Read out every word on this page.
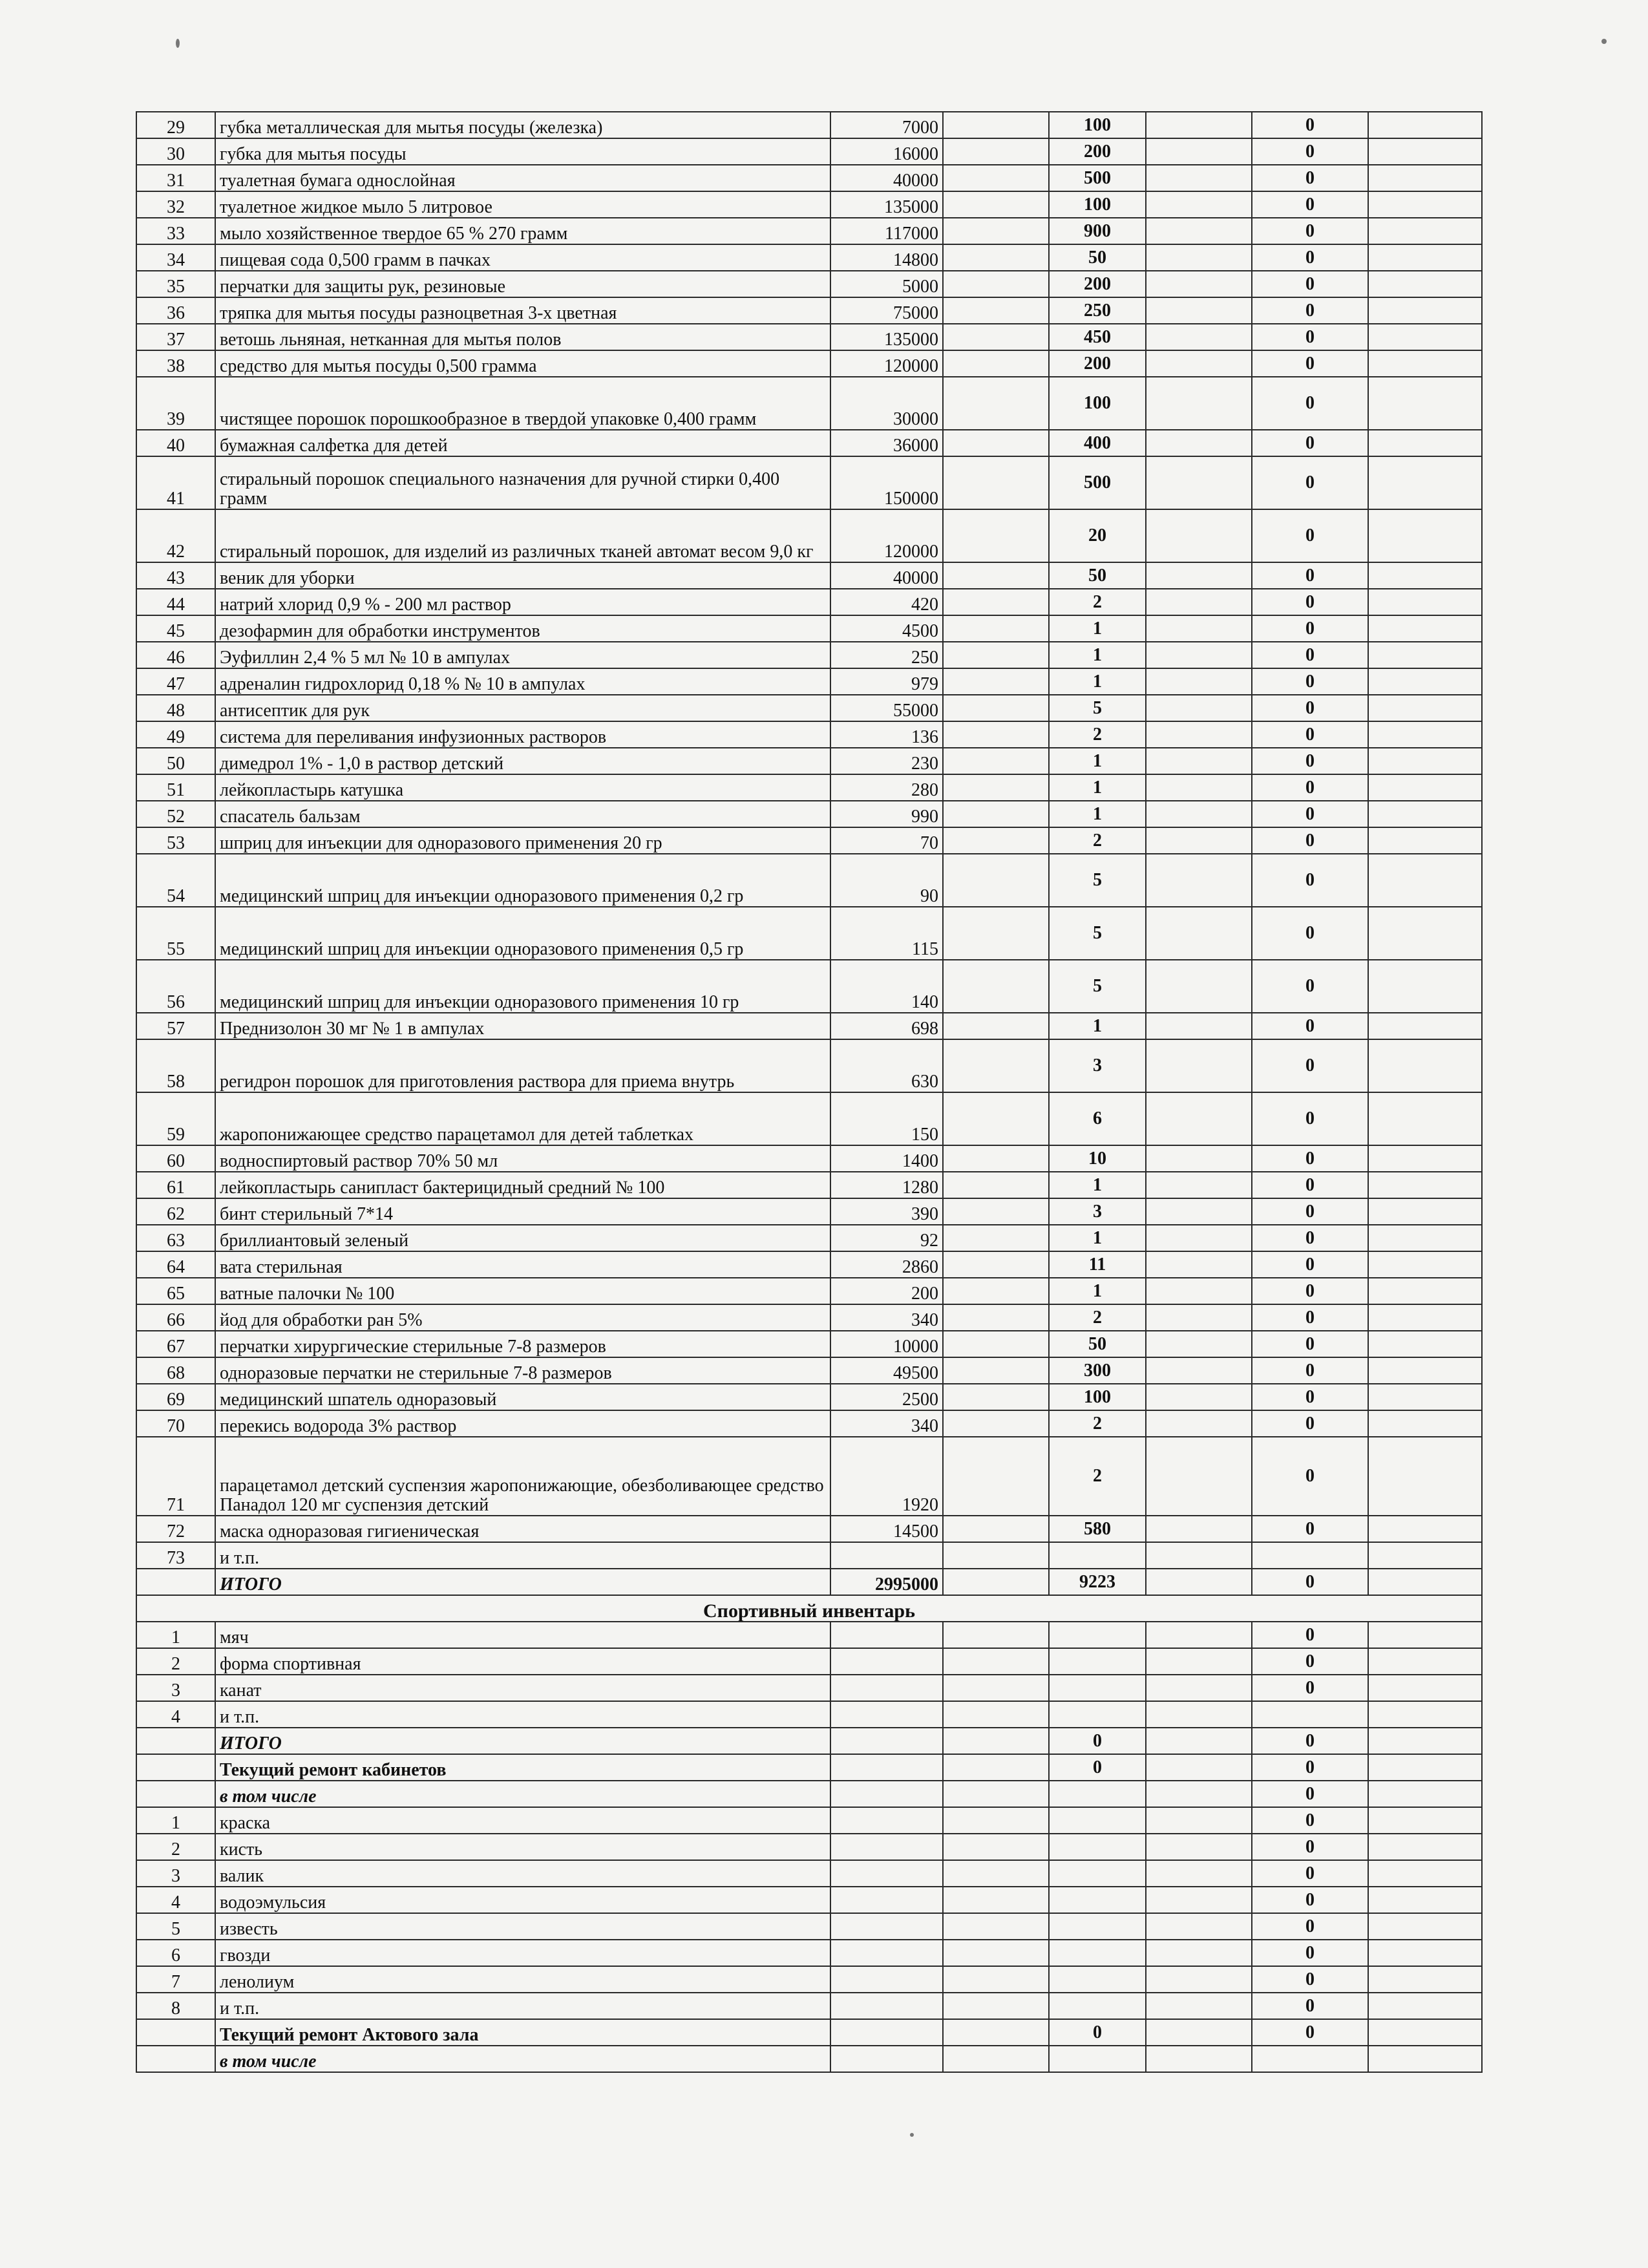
29	губка металлическая для мытья посуды (железка)	7000		100		0	
30	губка для мытья посуды	16000		200		0	
31	туалетная бумага однослойная	40000		500		0	
32	туалетное жидкое мыло 5 литровое	135000		100		0	
33	мыло хозяйственное твердое 65 % 270 грамм	117000		900		0	
34	пищевая сода 0,500 грамм в пачках	14800		50		0	
35	перчатки для защиты рук, резиновые	5000		200		0	
36	тряпка для мытья посуды разноцветная 3-х цветная	75000		250		0	
37	ветошь льняная, нетканная для мытья полов	135000		450		0	
38	средство для мытья посуды 0,500 грамма	120000		200		0	
39	чистящее порошок порошкообразное в твердой упаковке 0,400 грамм	30000		100		0	
40	бумажная салфетка для детей	36000		400		0	
41	стиральный порошок специального назначения для ручной стирки 0,400 грамм	150000		500		0	
42	стиральный порошок, для изделий из различных тканей автомат весом 9,0 кг	120000		20		0	
43	веник для уборки	40000		50		0	
44	натрий хлорид 0,9 % - 200 мл раствор	420		2		0	
45	дезофармин для обработки инструментов	4500		1		0	
46	Эуфиллин 2,4 % 5 мл № 10 в ампулах	250		1		0	
47	адреналин гидрохлорид 0,18 % № 10 в ампулах	979		1		0	
48	антисептик для рук	55000		5		0	
49	система для переливания инфузионных растворов	136		2		0	
50	димедрол 1% - 1,0 в раствор детский	230		1		0	
51	лейкопластырь катушка	280		1		0	
52	спасатель бальзам	990		1		0	
53	шприц для инъекции для одноразового применения 20 гр	70		2		0	
54	медицинский шприц для инъекции одноразового применения 0,2 гр	90		5		0	
55	медицинский шприц для инъекции одноразового применения 0,5 гр	115		5		0	
56	медицинский шприц для инъекции одноразового применения 10 гр	140		5		0	
57	Преднизолон 30 мг № 1 в ампулах	698		1		0	
58	регидрон порошок для приготовления раствора для приема внутрь	630		3		0	
59	жаропонижающее средство парацетамол для детей таблетках	150		6		0	
60	водноспиртовый раствор 70% 50 мл	1400		10		0	
61	лейкопластырь санипласт бактерицидный средний № 100	1280		1		0	
62	бинт стерильный 7*14	390		3		0	
63	бриллиантовый зеленый	92		1		0	
64	вата стерильная	2860		11		0	
65	ватные палочки № 100	200		1		0	
66	йод для обработки ран 5%	340		2		0	
67	перчатки хирургические стерильные 7-8 размеров	10000		50		0	
68	одноразовые перчатки не стерильные 7-8 размеров	49500		300		0	
69	медицинский шпатель одноразовый	2500		100		0	
70	перекись водорода 3% раствор	340		2		0	
71	парацетамол детский суспензия жаропонижающие, обезболивающее средство Панадол 120 мг суспензия детский	1920		2		0	
72	маска одноразовая гигиеническая	14500		580		0	
73	и т.п.						
	ИТОГО	2995000		9223		0	
Спортивный инвентарь							
1	мяч					0	
2	форма спортивная					0	
3	канат					0	
4	и т.п.						
	ИТОГО			0		0	
	Текущий ремонт кабинетов			0		0	
	в том числе					0	
1	краска					0	
2	кисть					0	
3	валик					0	
4	водоэмульсия					0	
5	известь					0	
6	гвозди					0	
7	ленолиум					0	
8	и т.п.					0	
	Текущий ремонт Актового зала			0		0	
	в том числе						
